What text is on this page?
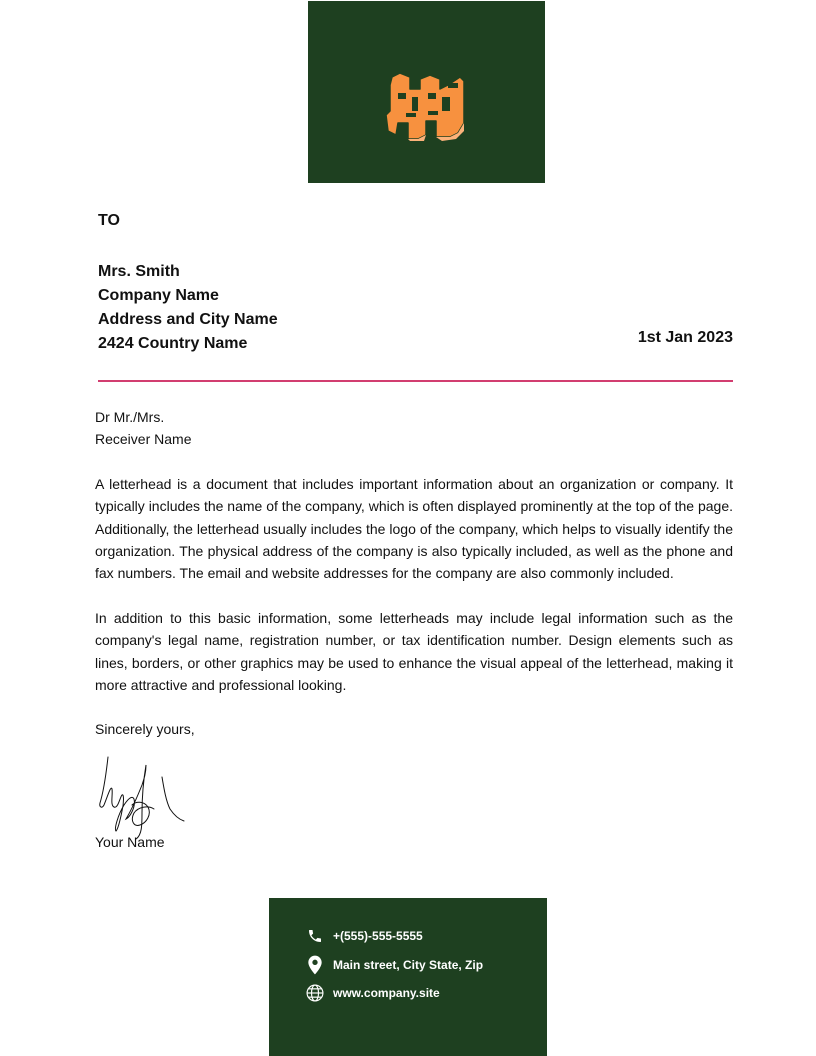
TO

Mrs. Smith
Company Name
Address and City Name
2424 Country Name	1st Jan 2023

Dr Mr./Mrs.
Receiver Name

A letterhead is a document that includes important information about an organization or company. It typically includes the name of the company, which is often displayed prominently at the top of the page. Additionally, the letterhead usually includes the logo of the company, which helps to visually identify the organization. The physical address of the company is also typically included, as well as the phone and fax numbers. The email and website addresses for the company are also commonly included.

In addition to this basic information, some letterheads may include legal information such as the company's legal name, registration number, or tax identification number. Design elements such as lines, borders, or other graphics may be used to enhance the visual appeal of the letterhead, making it more attractive and professional looking.

Sincerely yours,

Your Name
+(555)-555-5555
Main street, City State, Zip
www.company.site
